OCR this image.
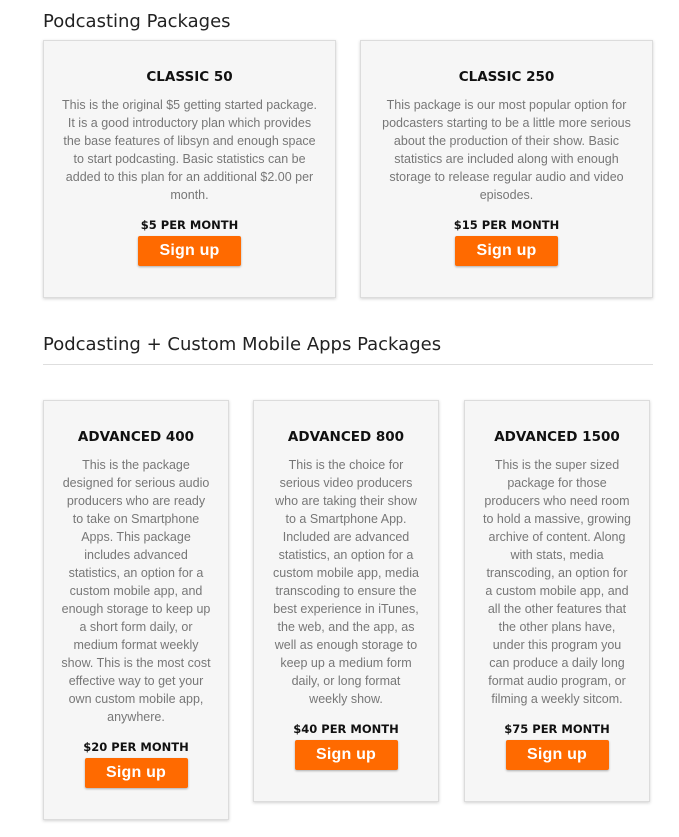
Podcasting Packages
CLASSIC 50
This is the original $5 getting started package.
It is a good introductory plan which provides
the base features of libsyn and enough space
to start podcasting. Basic statistics can be
added to this plan for an additional $2.00 per
month.

$5 PER MONTH

Sign up
CLASSIC 250
This package is our most popular option for
podcasters starting to be a little more serious
about the production of their show. Basic
statistics are included along with enough
storage to release regular audio and video
episodes.

$15 PER MONTH

Sign up
Podcasting + Custom Mobile Apps Packages
ADVANCED 400
This is the package
designed for serious audio
producers who are ready
to take on Smartphone
Apps. This package
includes advanced
statistics, an option for a
custom mobile app, and
enough storage to keep up
a short form daily, or
medium format weekly
show. This is the most cost
effective way to get your
own custom mobile app,
anywhere.

$20 PER MONTH

Sign up
ADVANCED 800
This is the choice for
serious video producers
who are taking their show
to a Smartphone App.
Included are advanced
statistics, an option for a
custom mobile app, media
transcoding to ensure the
best experience in iTunes,
the web, and the app, as
well as enough storage to
keep up a medium form
daily, or long format
weekly show.

$40 PER MONTH

Sign up
ADVANCED 1500
This is the super sized
package for those
producers who need room
to hold a massive, growing
archive of content. Along
with stats, media
transcoding, an option for
a custom mobile app, and
all the other features that
the other plans have,
under this program you
can produce a daily long
format audio program, or
filming a weekly sitcom.

$75 PER MONTH

Sign up
